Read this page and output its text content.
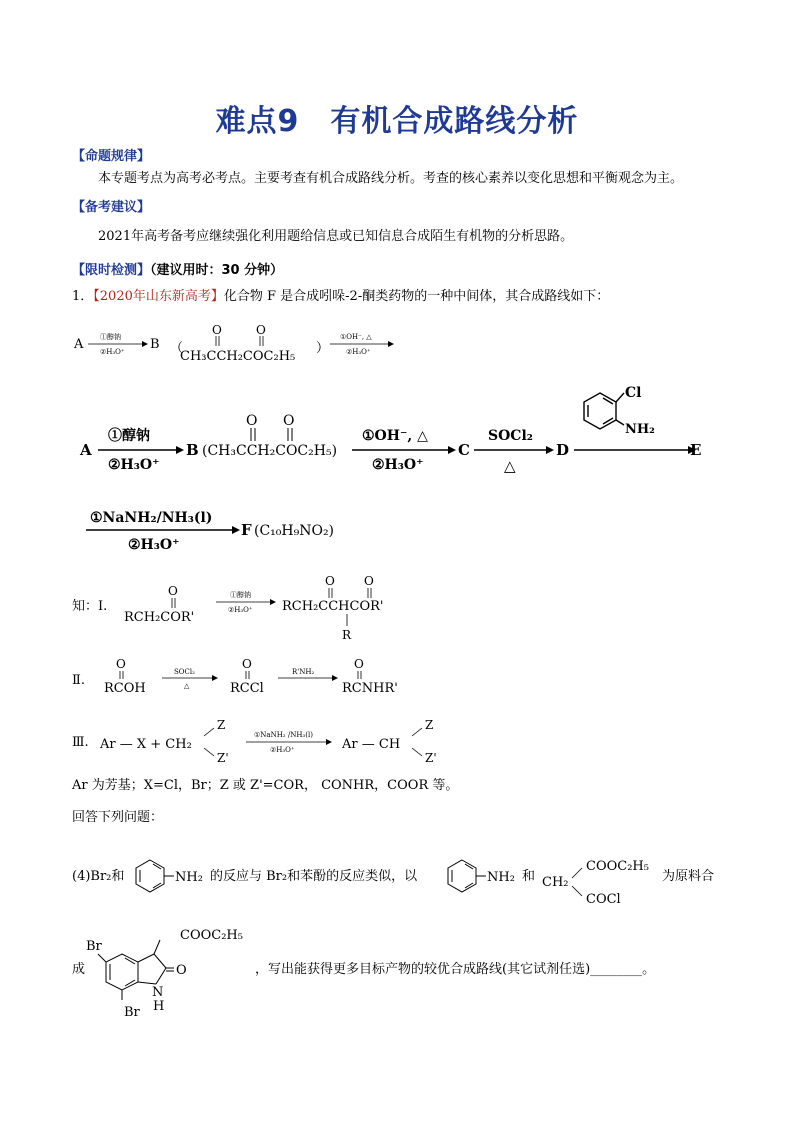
难点9　有机合成路线分析
【命题规律】
本专题考点为高考必考点。主要考查有机合成路线分析。考查的核心素养以变化思想和平衡观念为主。
【备考建议】
2021年高考备考应继续强化利用题给信息或已知信息合成陌生有机物的分析思路。
【限时检测】（建议用时：30 分钟）
1．【2020年山东新高考】化合物 F 是合成吲哚-2-酮类药物的一种中间体，其合成路线如下：
A ①醇钠
②H₃O⁺ B （
O	O
CH₃CCH₂COC₂H₅
）
①OH⁻, △
②H₃O⁺
A
①醇钠
②H₃O⁺
B
O O
(CH₃CCH₂COC₂H₅)
①OH⁻, △
②H₃O⁺
C
SOCl₂
△
D	E
Cl
NH₂
①NaNH₂/NH₃(l)
②H₃O⁺
F (C₁₀H₉NO₂)
知：Ⅰ.
O
RCH₂COR'
①醇钠
②H₃O⁺
O O
RCH₂CCHCOR'
R
Ⅱ.
O
RCOH
SOCl₂
△
O
RCCl
R'NH₂
O
RCNHR'
Ⅲ. Ar — X + CH₂
Z
Z'
①NaNH₂ /NH₃(l)
②H₃O⁺	Ar — CH
Z
Z'
Ar 为芳基；X=Cl，Br；Z 或 Z'=COR， CONHR，COOR 等。
回答下列问题：
(4)Br₂和	NH₂ 的反应与 Br₂和苯酚的反应类似，以	NH₂ 和 CH₂
COOC₂H₅
COCl
为原料合
成
Br
Br
COOC₂H₅
O
N
H
，写出能获得更多目标产物的较优合成路线(其它试剂任选)________。
